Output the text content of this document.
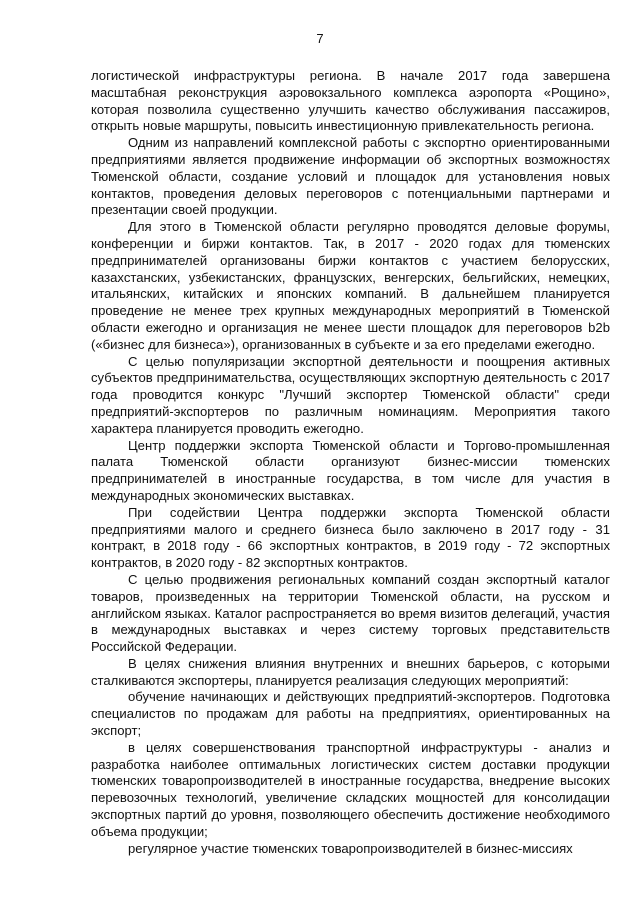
7

логистической инфраструктуры региона. В начале 2017 года завершена масштабная реконструкция аэровокзального комплекса аэропорта «Рощино», которая позволила существенно улучшить качество обслуживания пассажиров, открыть новые маршруты, повысить инвестиционную привлекательность региона.

Одним из направлений комплексной работы с экспортно ориентированными предприятиями является продвижение информации об экспортных возможностях Тюменской области, создание условий и площадок для установления новых контактов, проведения деловых переговоров с потенциальными партнерами и презентации своей продукции.

Для этого в Тюменской области регулярно проводятся деловые форумы, конференции и биржи контактов. Так, в 2017 - 2020 годах для тюменских предпринимателей организованы биржи контактов с участием белорусских, казахстанских, узбекистанских, французских, венгерских, бельгийских, немецких, итальянских, китайских и японских компаний. В дальнейшем планируется проведение не менее трех крупных международных мероприятий в Тюменской области ежегодно и организация не менее шести площадок для переговоров b2b («бизнес для бизнеса»), организованных в субъекте и за его пределами ежегодно.

С целью популяризации экспортной деятельности и поощрения активных субъектов предпринимательства, осуществляющих экспортную деятельность с 2017 года проводится конкурс "Лучший экспортер Тюменской области" среди предприятий-экспортеров по различным номинациям. Мероприятия такого характера планируется проводить ежегодно.

Центр поддержки экспорта Тюменской области и Торгово-промышленная палата Тюменской области организуют бизнес-миссии тюменских предпринимателей в иностранные государства, в том числе для участия в международных экономических выставках.

При содействии Центра поддержки экспорта Тюменской области предприятиями малого и среднего бизнеса было заключено в 2017 году - 31 контракт, в 2018 году - 66 экспортных контрактов, в 2019 году - 72 экспортных контрактов, в 2020 году - 82 экспортных контрактов.

С целью продвижения региональных компаний создан экспортный каталог товаров, произведенных на территории Тюменской области, на русском и английском языках. Каталог распространяется во время визитов делегаций, участия в международных выставках и через систему торговых представительств Российской Федерации.

В целях снижения влияния внутренних и внешних барьеров, с которыми сталкиваются экспортеры, планируется реализация следующих мероприятий:

обучение начинающих и действующих предприятий-экспортеров. Подготовка специалистов по продажам для работы на предприятиях, ориентированных на экспорт;

в целях совершенствования транспортной инфраструктуры - анализ и разработка наиболее оптимальных логистических систем доставки продукции тюменских товаропроизводителей в иностранные государства, внедрение высоких перевозочных технологий, увеличение складских мощностей для консолидации экспортных партий до уровня, позволяющего обеспечить достижение необходимого объема продукции;

регулярное участие тюменских товаропроизводителей в бизнес-миссиях
